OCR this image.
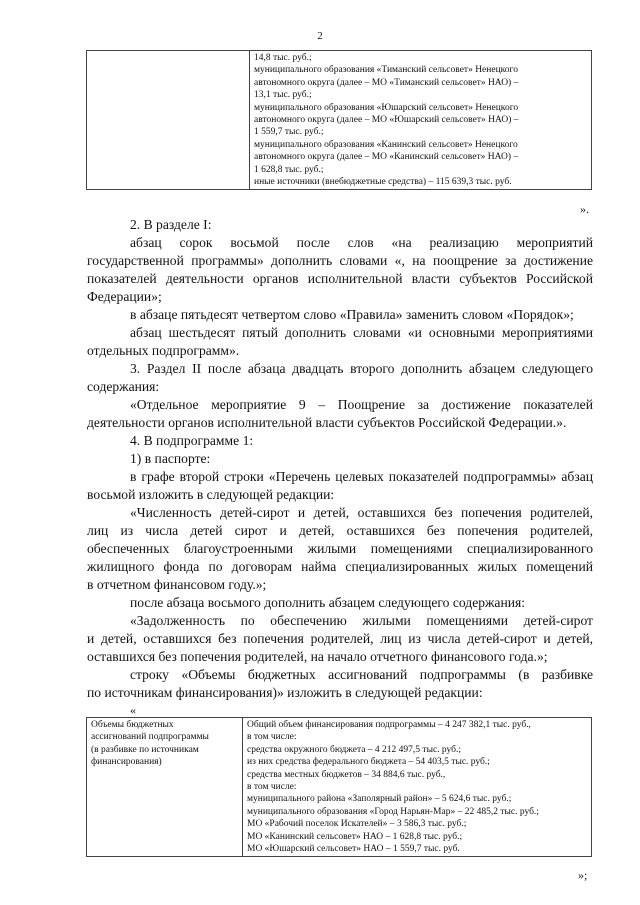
2

14,8 тыс. руб.;
муниципального образования «Тиманский сельсовет» Ненецкого
автономного округа (далее – МО «Тиманский сельсовет» НАО) –
13,1 тыс. руб.;
муниципального образования «Юшарский сельсовет» Ненецкого
автономного округа (далее – МО «Юшарский сельсовет» НАО) –
1 559,7 тыс. руб.;
муниципального образования «Канинский сельсовет» Ненецкого
автономного округа (далее – МО «Канинский сельсовет» НАО) –
1 628,8 тыс. руб.;
иные источники (внебюджетные средства) – 115 639,3 тыс. руб.
».
2. В разделе I:
абзац сорок восьмой после слов «на реализацию мероприятий
государственной программы» дополнить словами «, на поощрение за достижение
показателей деятельности органов исполнительной власти субъектов Российской
Федерации»;
в абзаце пятьдесят четвертом слово «Правила» заменить словом «Порядок»;
абзац шестьдесят пятый дополнить словами «и основными мероприятиями
отдельных подпрограмм».
3. Раздел II после абзаца двадцать второго дополнить абзацем следующего
содержания:
«Отдельное мероприятие 9 – Поощрение за достижение показателей
деятельности органов исполнительной власти субъектов Российской Федерации.».
4. В подпрограмме 1:
1) в паспорте:
в графе второй строки «Перечень целевых показателей подпрограммы» абзац
восьмой изложить в следующей редакции:
«Численность детей-сирот и детей, оставшихся без попечения родителей,
лиц из числа детей сирот и детей, оставшихся без попечения родителей,
обеспеченных благоустроенными жилыми помещениями специализированного
жилищного фонда по договорам найма специализированных жилых помещений
в отчетном финансовом году.»;
после абзаца восьмого дополнить абзацем следующего содержания:
«Задолженность по обеспечению жилыми помещениями детей-сирот
и детей, оставшихся без попечения родителей, лиц из числа детей-сирот и детей,
оставшихся без попечения родителей, на начало отчетного финансового года.»;
строку «Объемы бюджетных ассигнований подпрограммы (в разбивке
по источникам финансирования)» изложить в следующей редакции:
«
Объемы бюджетных
ассигнований подпрограммы
(в разбивке по источникам
финансирования)

Общий объем финансирования подпрограммы – 4 247 382,1 тыс. руб.,
в том числе:
средства окружного бюджета – 4 212 497,5 тыс. руб.;
из них средства федерального бюджета – 54 403,5 тыс. руб.;
средства местных бюджетов – 34 884,6 тыс. руб.,
в том числе:
муниципального района «Заполярный район» – 5 624,6 тыс. руб.;
муниципального образования «Город Нарьян-Мар» – 22 485,2 тыс. руб.;
МО «Рабочий поселок Искателей» – 3 586,3 тыс. руб.;
МО «Канинский сельсовет» НАО – 1 628,8 тыс. руб.;
МО «Юшарский сельсовет» НАО – 1 559,7 тыс. руб.
»;
